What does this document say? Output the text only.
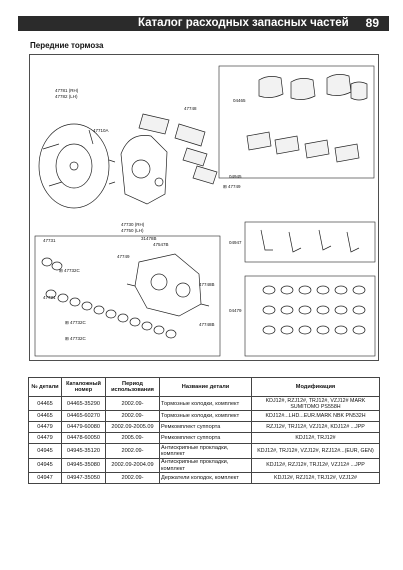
Каталог расходных запасных частей 89
Передние тормоза
47781 (RH)
47782 (LH)
47710A
04465
47748
04945
⊞ 47749
47730 (RH)
47750 (LH)
31478B
47547B
47749
47731
47731
⊞ 47732C
47748B
47748B
04947
04479
⊞ 47732C
⊞ 47732C
№ детали	Каталожный номер	Период использования	Название детали	Модификация
04465	04465-35290	2002.09-	Тормозные колодки, комплект	KDJ12#, RZJ12#, TRJ12#, VZJ12# MARK SUMITOMO PS558H
04465	04465-60270	2002.09-	Тормозные колодки, комплект	KDJ12#...LHD...EUR.MARK NBK PN532H
04479	04479-60080	2002.09-2005.09	Ремкомплект суппорта	RZJ12#, TRJ12#, VZJ12#, KDJ12# ...JPP
04479	04478-60050	2005.09-	Ремкомплект суппорта	KDJ12#, TRJ12#
04945	04945-35120	2002.09-	Антискрипные прокладки, комплект	KDJ12#, TRJ12#, VZJ12#, RZJ12#...(EUR, GEN)
04945	04945-35080	2002.09-2004.09	Антискрипные прокладки, комплект	KDJ12#, RZJ12#, TRJ12#, VZJ12# ...JPP
04947	04947-35050	2002.09-	Держатели колодок, комплект	KDJ12#, RZJ12#, TRJ12#, VZJ12#
